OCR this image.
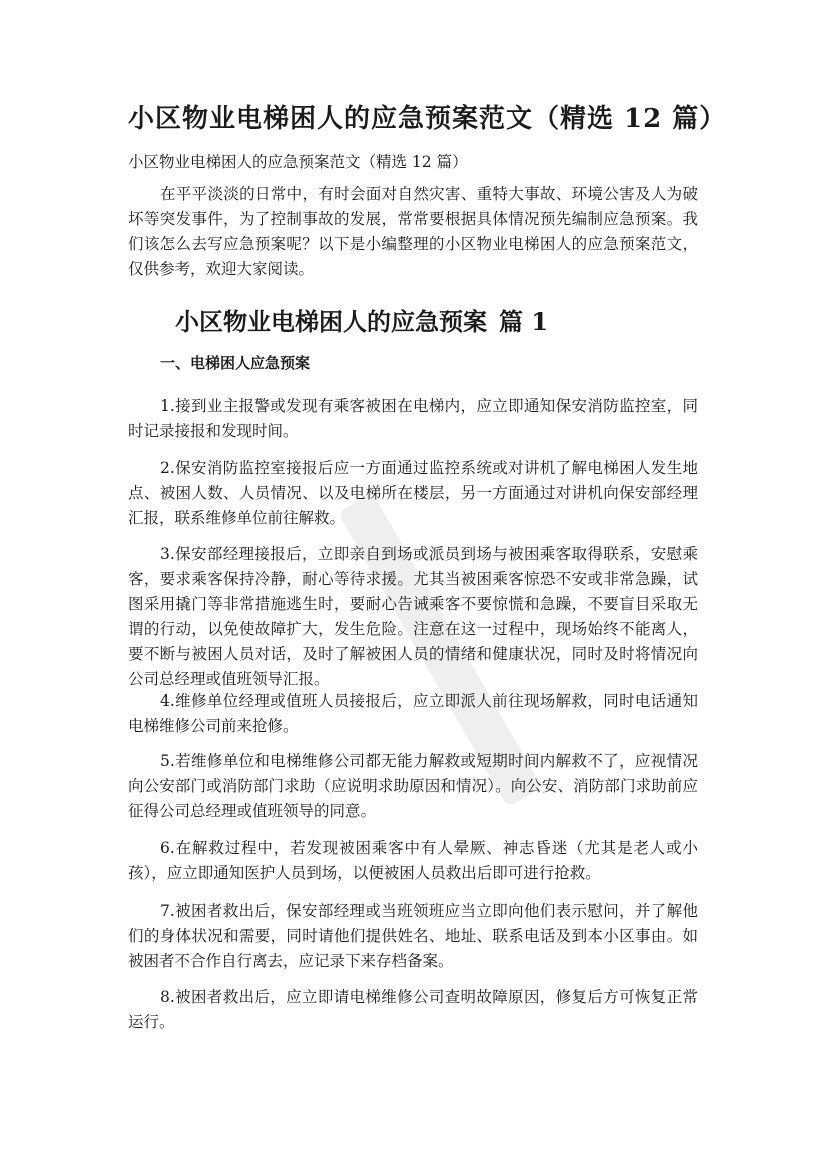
小区物业电梯困人的应急预案范文（精选 12 篇）

小区物业电梯困人的应急预案范文（精选 12 篇）

在平平淡淡的日常中，有时会面对自然灾害、重特大事故、环境公害及人为破坏等突发事件，为了控制事故的发展，常常要根据具体情况预先编制应急预案。我们该怎么去写应急预案呢？以下是小编整理的小区物业电梯困人的应急预案范文，仅供参考，欢迎大家阅读。

小区物业电梯困人的应急预案 篇 1
一、电梯困人应急预案

1.接到业主报警或发现有乘客被困在电梯内，应立即通知保安消防监控室，同时记录接报和发现时间。

2.保安消防监控室接报后应一方面通过监控系统或对讲机了解电梯困人发生地点、被困人数、人员情况、以及电梯所在楼层，另一方面通过对讲机向保安部经理汇报，联系维修单位前往解救。

3.保安部经理接报后，立即亲自到场或派员到场与被困乘客取得联系，安慰乘客，要求乘客保持冷静，耐心等待求援。尤其当被困乘客惊恐不安或非常急躁，试图采用撬门等非常措施逃生时，要耐心告诫乘客不要惊慌和急躁，不要盲目采取无谓的行动，以免使故障扩大，发生危险。注意在这一过程中，现场始终不能离人，要不断与被困人员对话，及时了解被困人员的情绪和健康状况，同时及时将情况向公司总经理或值班领导汇报。

4.维修单位经理或值班人员接报后，应立即派人前往现场解救，同时电话通知电梯维修公司前来抢修。

5.若维修单位和电梯维修公司都无能力解救或短期时间内解救不了，应视情况向公安部门或消防部门求助（应说明求助原因和情况）。向公安、消防部门求助前应征得公司总经理或值班领导的同意。

6.在解救过程中，若发现被困乘客中有人晕厥、神志昏迷（尤其是老人或小孩），应立即通知医护人员到场，以便被困人员救出后即可进行抢救。

7.被困者救出后，保安部经理或当班领班应当立即向他们表示慰问，并了解他们的身体状况和需要，同时请他们提供姓名、地址、联系电话及到本小区事由。如被困者不合作自行离去，应记录下来存档备案。

8.被困者救出后，应立即请电梯维修公司查明故障原因，修复后方可恢复正常运行。
